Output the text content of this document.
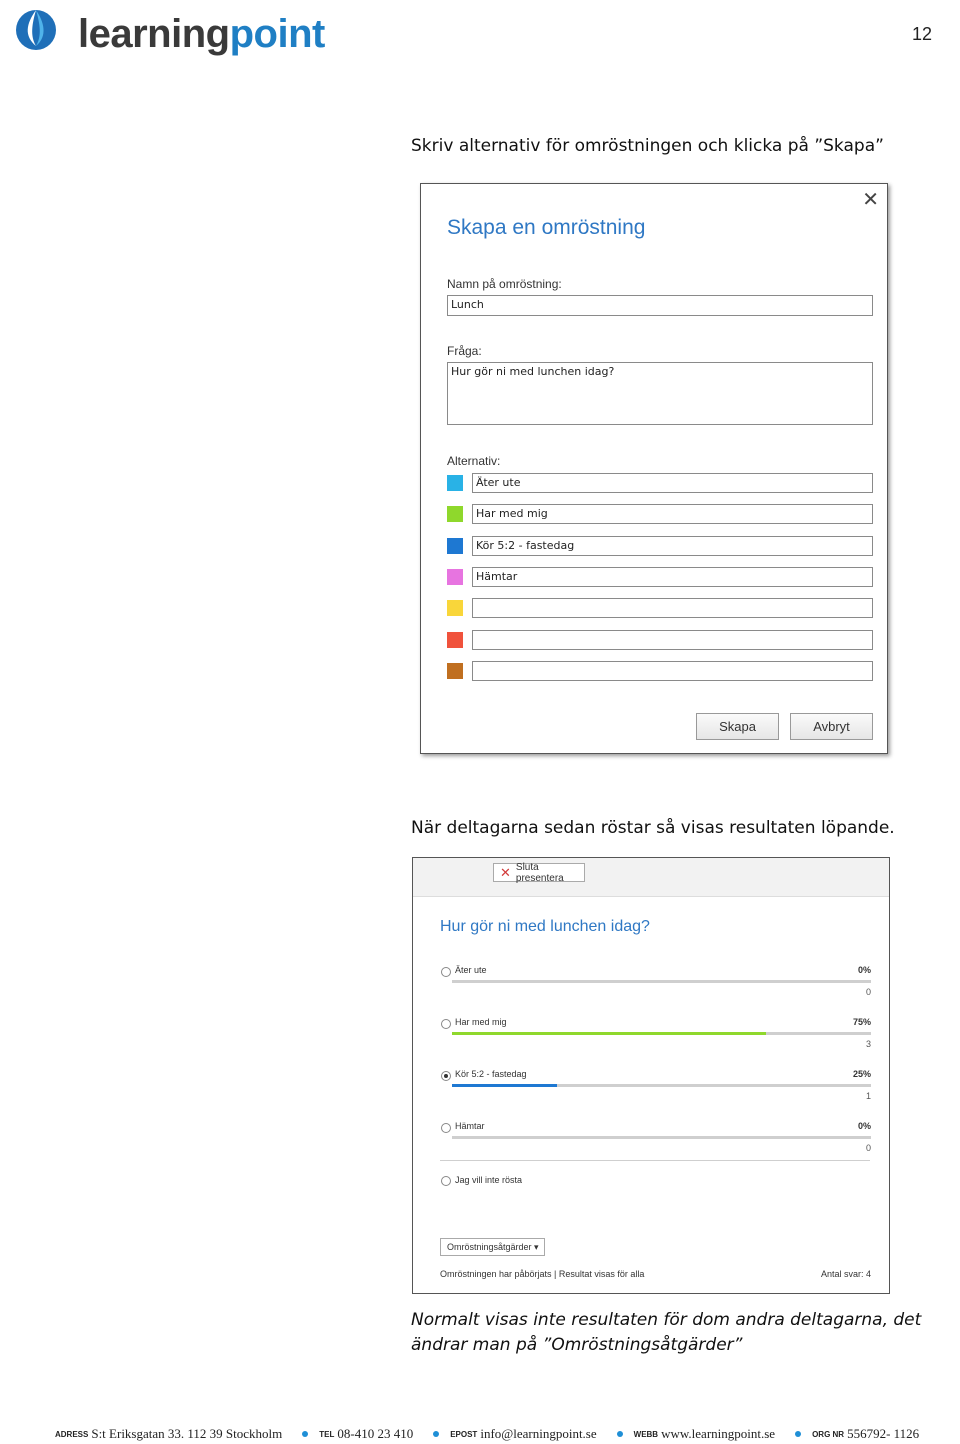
learningpoint	12
Skriv alternativ för omröstningen och klicka på ”Skapa”
✕
Skapa en omröstning
Namn på omröstning:
Lunch
Fråga:
Hur gör ni med lunchen idag?
Alternativ:
Äter ute
Har med mig
Kör 5:2 - fastedag
Hämtar
Skapa	Avbryt
När deltagarna sedan röstar så visas resultaten löpande.
✕ Sluta presentera
Hur gör ni med lunchen idag?
Äter ute	0%
0
Har med mig	75%
3
Kör 5:2 - fastedag	25%
1
Hämtar	0%
0
Jag vill inte rösta
Omröstningsåtgärder ▾
Omröstningen har påbörjats | Resultat visas för alla	Antal svar: 4
Normalt visas inte resultaten för dom andra deltagarna, det ändrar man på ”Omröstningsåtgärder”
ADRESS S:t Eriksgatan 33. 112 39 Stockholm	TEL 08-410 23 410	EPOST info@learningpoint.se	WEBB www.learningpoint.se	ORG NR 556792- 1126
